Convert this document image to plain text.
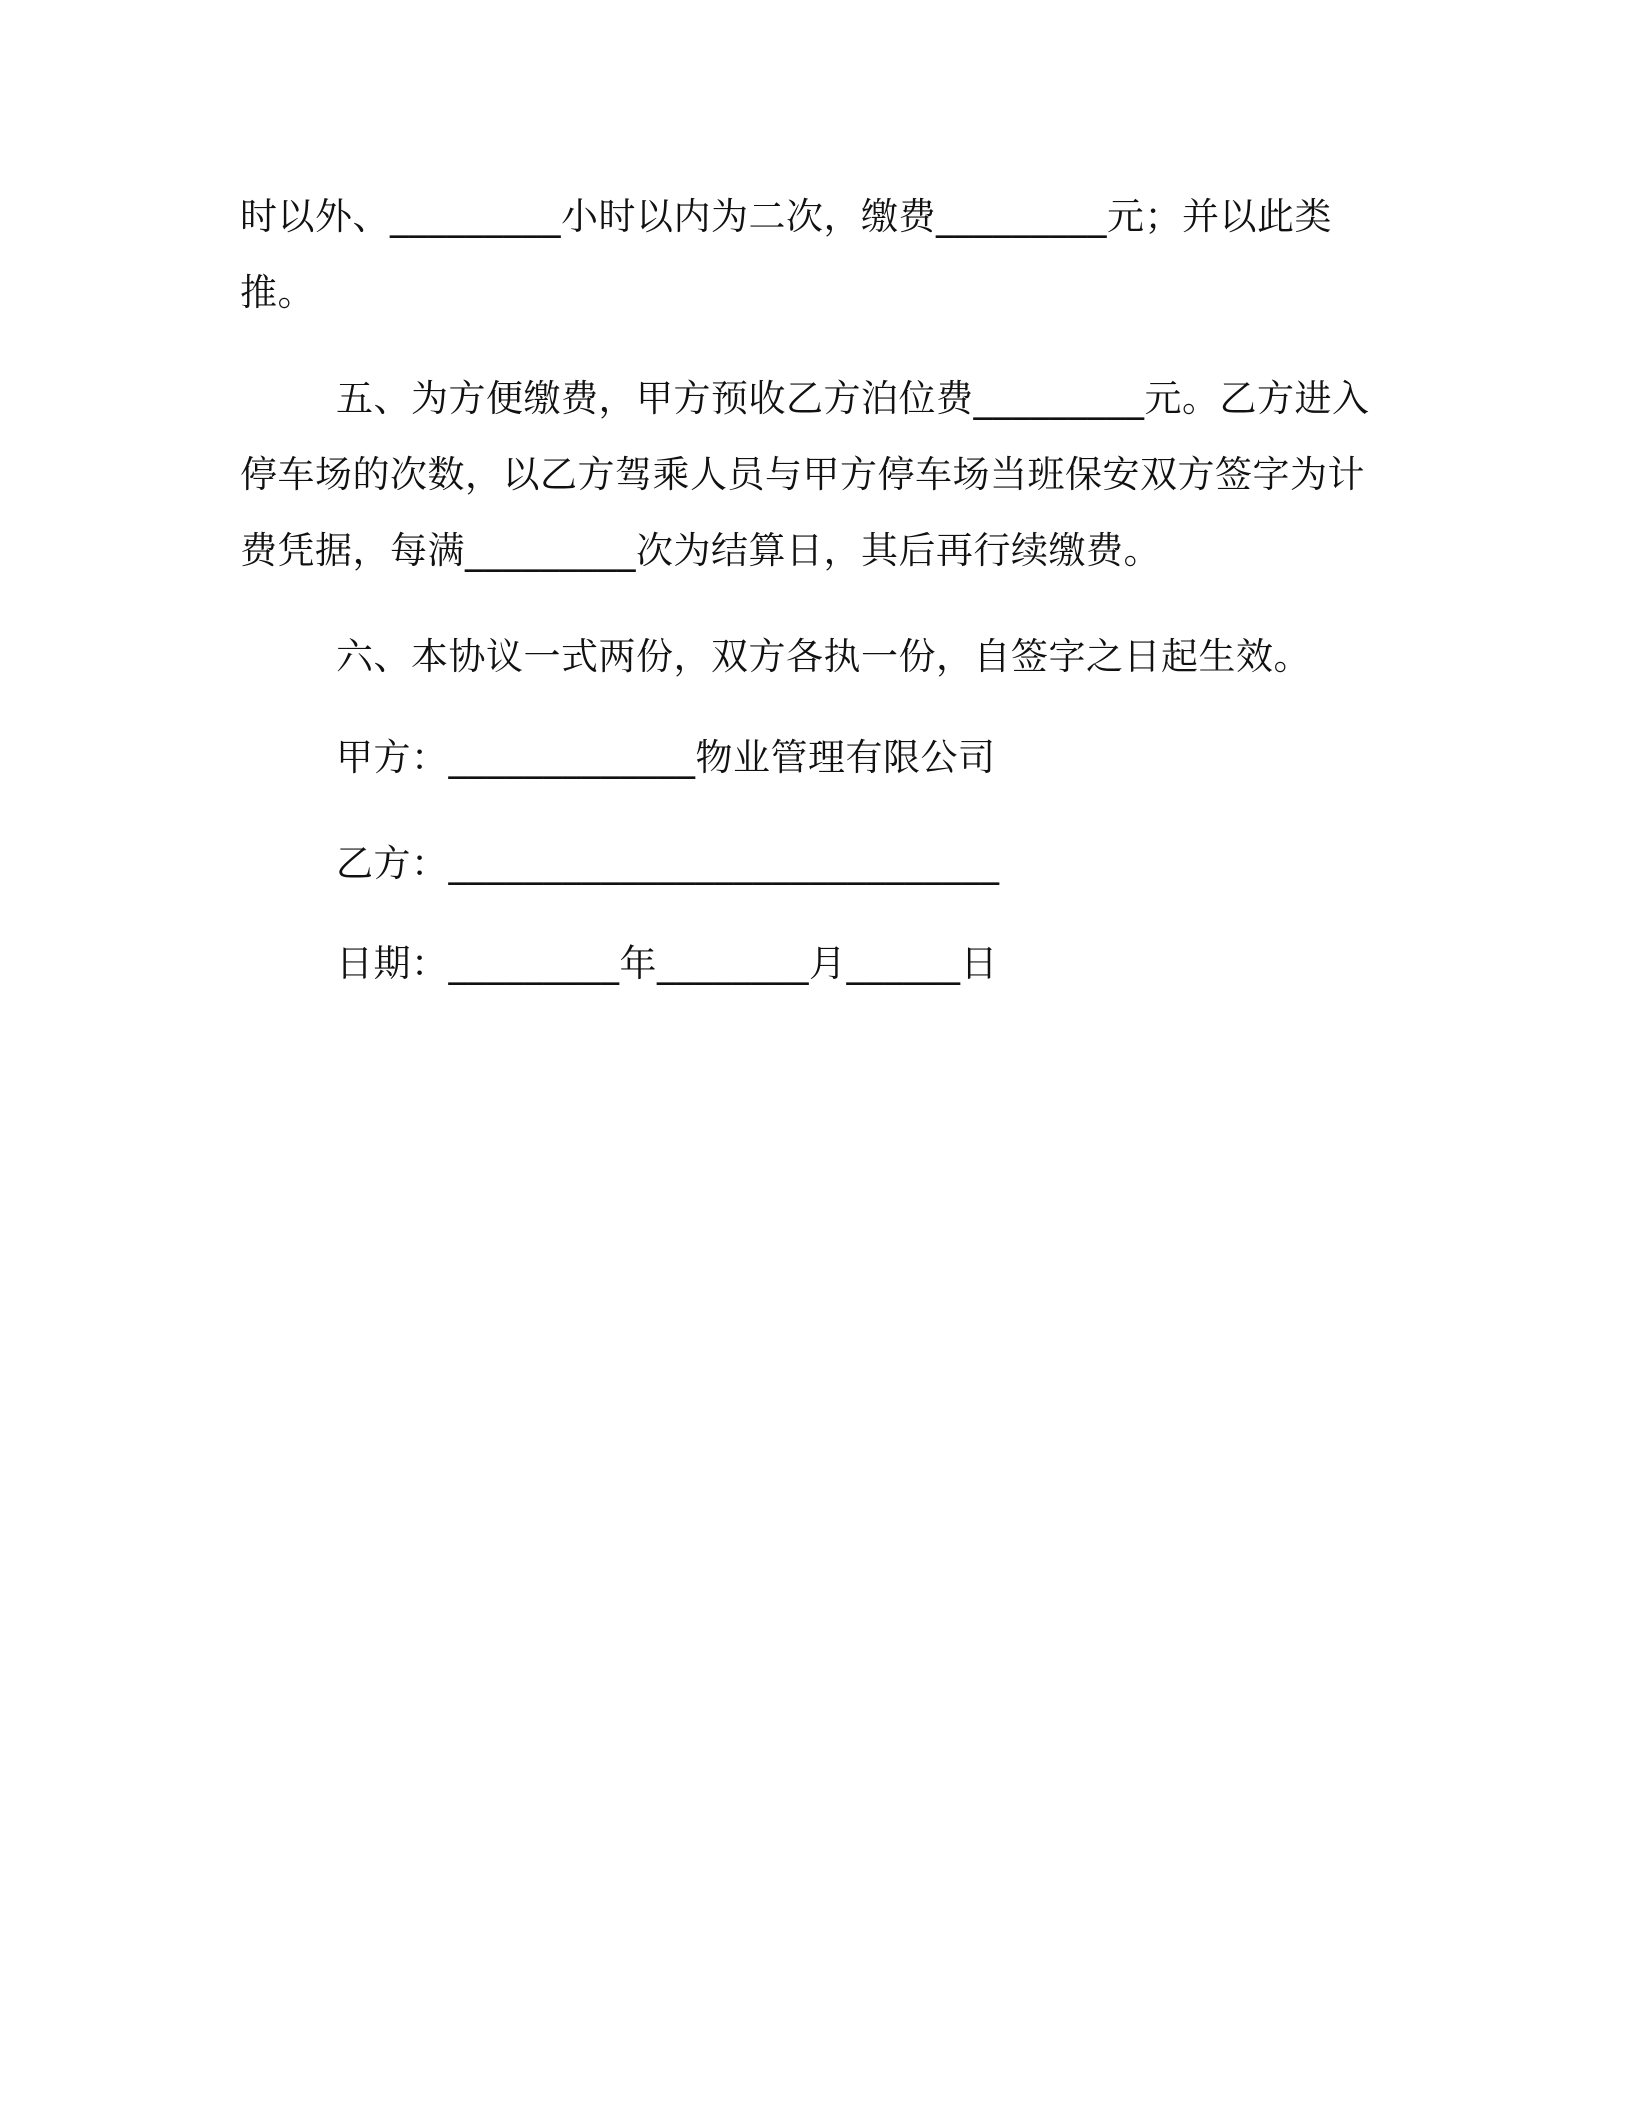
时以外、_________小时以内为二次，缴费_________元；并以此类
推。
五、为方便缴费，甲方预收乙方泊位费_________元。乙方进入
停车场的次数，以乙方驾乘人员与甲方停车场当班保安双方签字为计
费凭据，每满_________次为结算日，其后再行续缴费。
六、本协议一式两份，双方各执一份，自签字之日起生效。
甲方：_____________物业管理有限公司
乙方：_____________________________
日期：_________年________月______日
